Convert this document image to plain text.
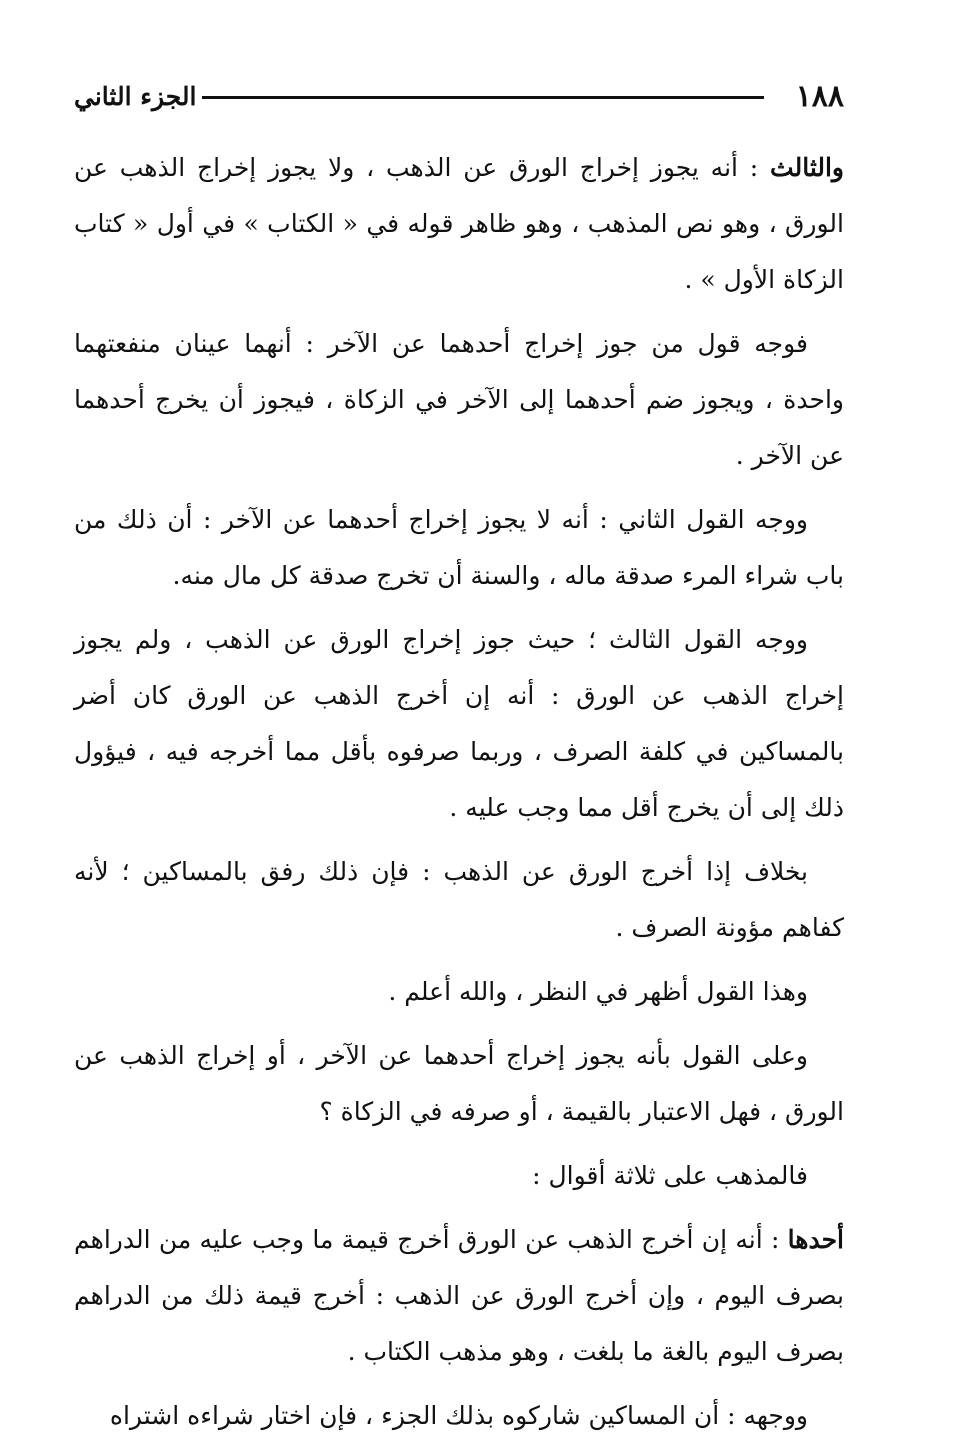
١٨٨
الجزء الثاني

والثالث : أنه يجوز إخراج الورق عن الذهب ، ولا يجوز إخراج الذهب عن الورق ، وهو نص المذهب ، وهو ظاهر قوله في « الكتاب » في أول « كتاب الزكاة الأول » .

فوجه قول من جوز إخراج أحدهما عن الآخر : أنهما عينان منفعتهما واحدة ، ويجوز ضم أحدهما إلى الآخر في الزكاة ، فيجوز أن يخرج أحدهما عن الآخر .

ووجه القول الثاني : أنه لا يجوز إخراج أحدهما عن الآخر : أن ذلك من باب شراء المرء صدقة ماله ، والسنة أن تخرج صدقة كل مال منه.

ووجه القول الثالث ؛ حيث جوز إخراج الورق عن الذهب ، ولم يجوز إخراج الذهب عن الورق : أنه إن أخرج الذهب عن الورق كان أضر بالمساكين في كلفة الصرف ، وربما صرفوه بأقل مما أخرجه فيه ، فيؤول ذلك إلى أن يخرج أقل مما وجب عليه .

بخلاف إذا أخرج الورق عن الذهب : فإن ذلك رفق بالمساكين ؛ لأنه كفاهم مؤونة الصرف .

وهذا القول أظهر في النظر ، والله أعلم .

وعلى القول بأنه يجوز إخراج أحدهما عن الآخر ، أو إخراج الذهب عن الورق ، فهل الاعتبار بالقيمة ، أو صرفه في الزكاة ؟

فالمذهب على ثلاثة أقوال :

أحدها : أنه إن أخرج الذهب عن الورق أخرج قيمة ما وجب عليه من الدراهم بصرف اليوم ، وإن أخرج الورق عن الذهب : أخرج قيمة ذلك من الدراهم بصرف اليوم بالغة ما بلغت ، وهو مذهب الكتاب .

ووجهه : أن المساكين شاركوه بذلك الجزء ، فإن اختار شراءه اشتراه
